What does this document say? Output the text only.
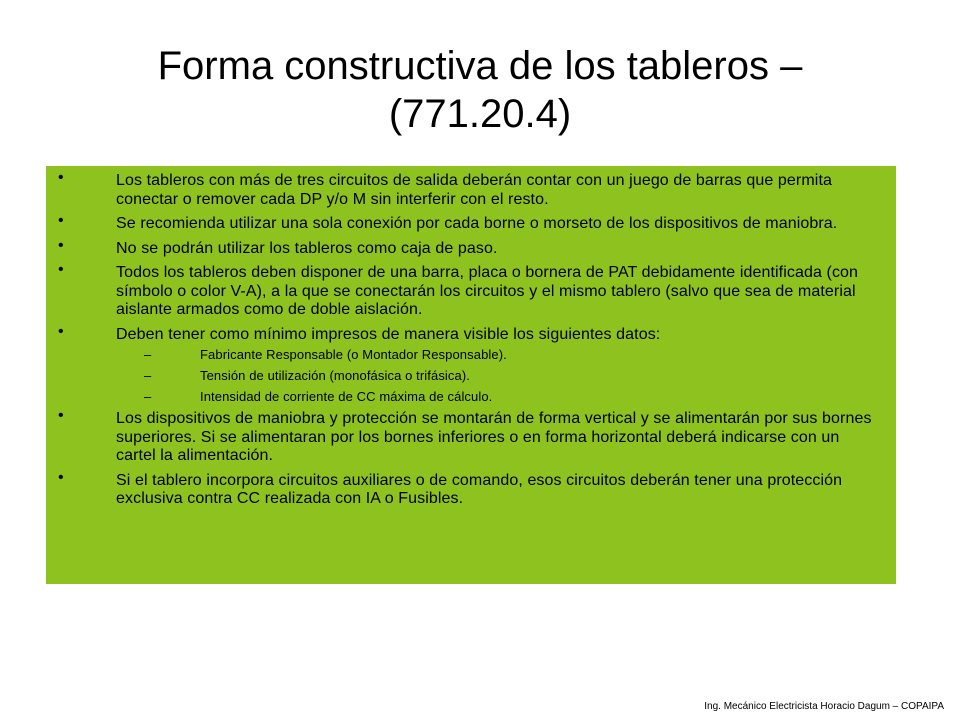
Forma constructiva de los tableros –
(771.20.4)
•	Los tableros con más de tres circuitos de salida deberán contar con un juego de barras que permita conectar o remover cada DP y/o M sin interferir con el resto.
•	Se recomienda utilizar una sola conexión por cada borne o morseto de los dispositivos de maniobra.
•	No se podrán utilizar los tableros como caja de paso.
•	Todos los tableros deben disponer de una barra, placa o bornera de PAT debidamente identificada (con símbolo o color V-A), a la que se conectarán los circuitos y el mismo tablero (salvo que sea de material aislante armados como de doble aislación.
•	Deben tener como mínimo impresos de manera visible los siguientes datos:
–	Fabricante Responsable (o Montador Responsable).
–	Tensión de utilización (monofásica o trifásica).
–	Intensidad de corriente de CC máxima de cálculo.
•	Los dispositivos de maniobra y protección se montarán de forma vertical y se alimentarán por sus bornes superiores. Si se alimentaran por los bornes inferiores o en forma horizontal deberá indicarse con un cartel la alimentación.
•	Si el tablero incorpora circuitos auxiliares o de comando, esos circuitos deberán tener una protección exclusiva contra CC realizada con IA o Fusibles.
Ing. Mecánico Electricista Horacio Dagum – COPAIPA
